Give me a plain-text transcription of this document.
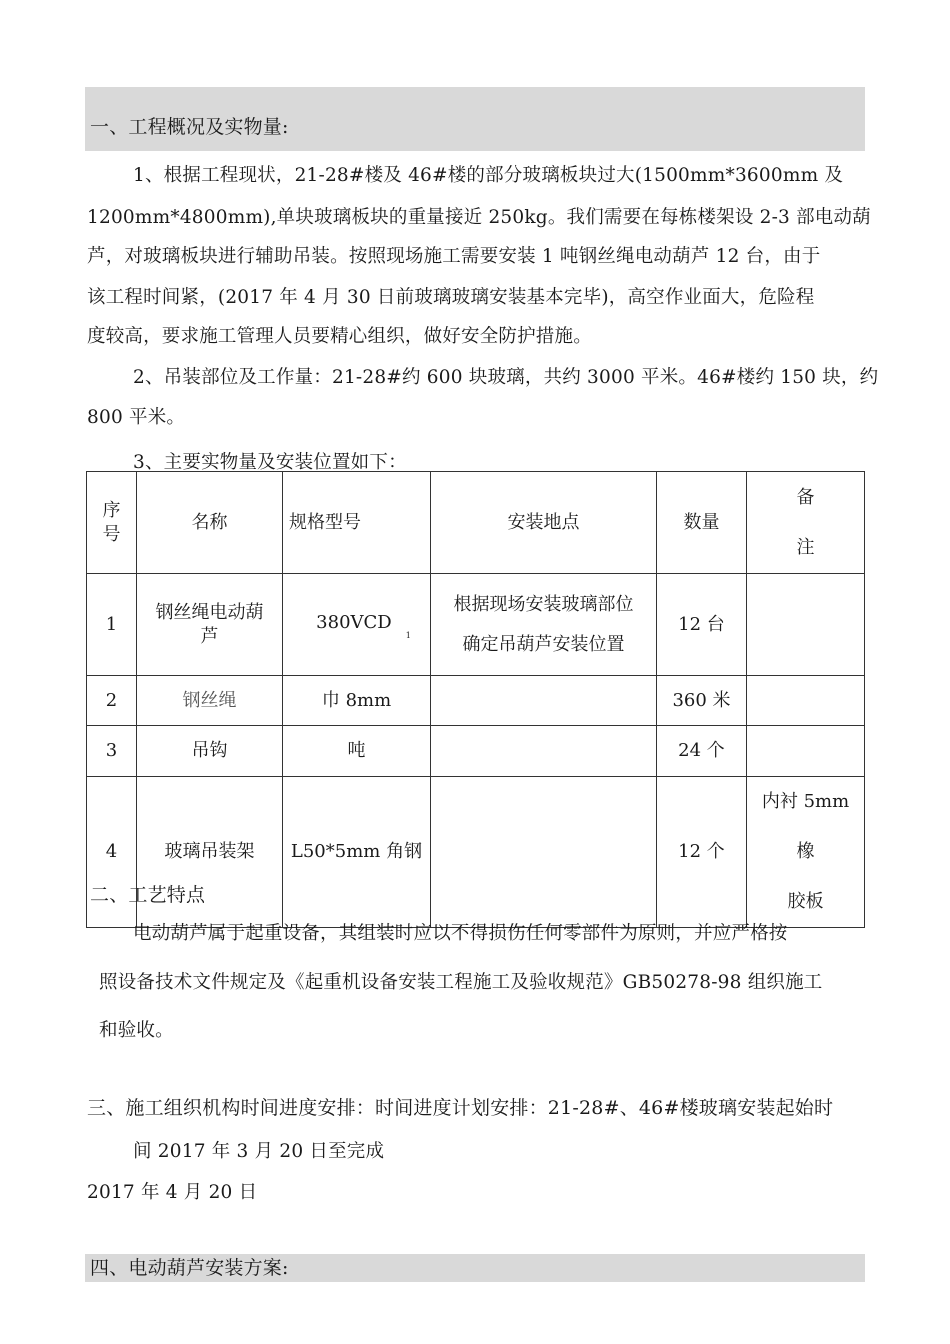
一、工程概况及实物量:
1、根据工程现状，21-28#楼及 46#楼的部分玻璃板块过大(1500mm*3600mm 及
1200mm*4800mm),单块玻璃板块的重量接近 250kg。我们需要在每栋楼架设 2-3 部电动葫
芦，对玻璃板块进行辅助吊装。按照现场施工需要安装 1 吨钢丝绳电动葫芦 12 台，由于
该工程时间紧，(2017 年 4 月 30 日前玻璃玻璃安装基本完毕)，高空作业面大，危险程
度较高，要求施工管理人员要精心组织，做好安全防护措施。
2、吊装部位及工作量：21-28#约 600 块玻璃，共约 3000 平米。46#楼约 150 块，约
800 平米。
3、主要实物量及安装位置如下：
序
号	名称	规格型号	安装地点	数量	备
注
1	钢丝绳电动葫
芦	$380VCD_1$	根据现场安装玻璃部位
确定吊葫芦安装位置	12 台	
2	钢丝绳	巾 8mm		360 米	
3	吊钩	吨		24 个	
4	玻璃吊装架	L50*5mm 角钢		12 个	内衬 5mm 橡
胶板
二、工艺特点
电动葫芦属于起重设备，其组装时应以不得损伤任何零部件为原则，并应严格按
照设备技术文件规定及《起重机设备安装工程施工及验收规范》GB50278-98 组织施工
和验收。
三、施工组织机构时间进度安排：时间进度计划安排：21-28#、46#楼玻璃安装起始时
间 2017 年 3 月 20 日至完成
2017 年 4 月 20 日
四、电动葫芦安装方案:
